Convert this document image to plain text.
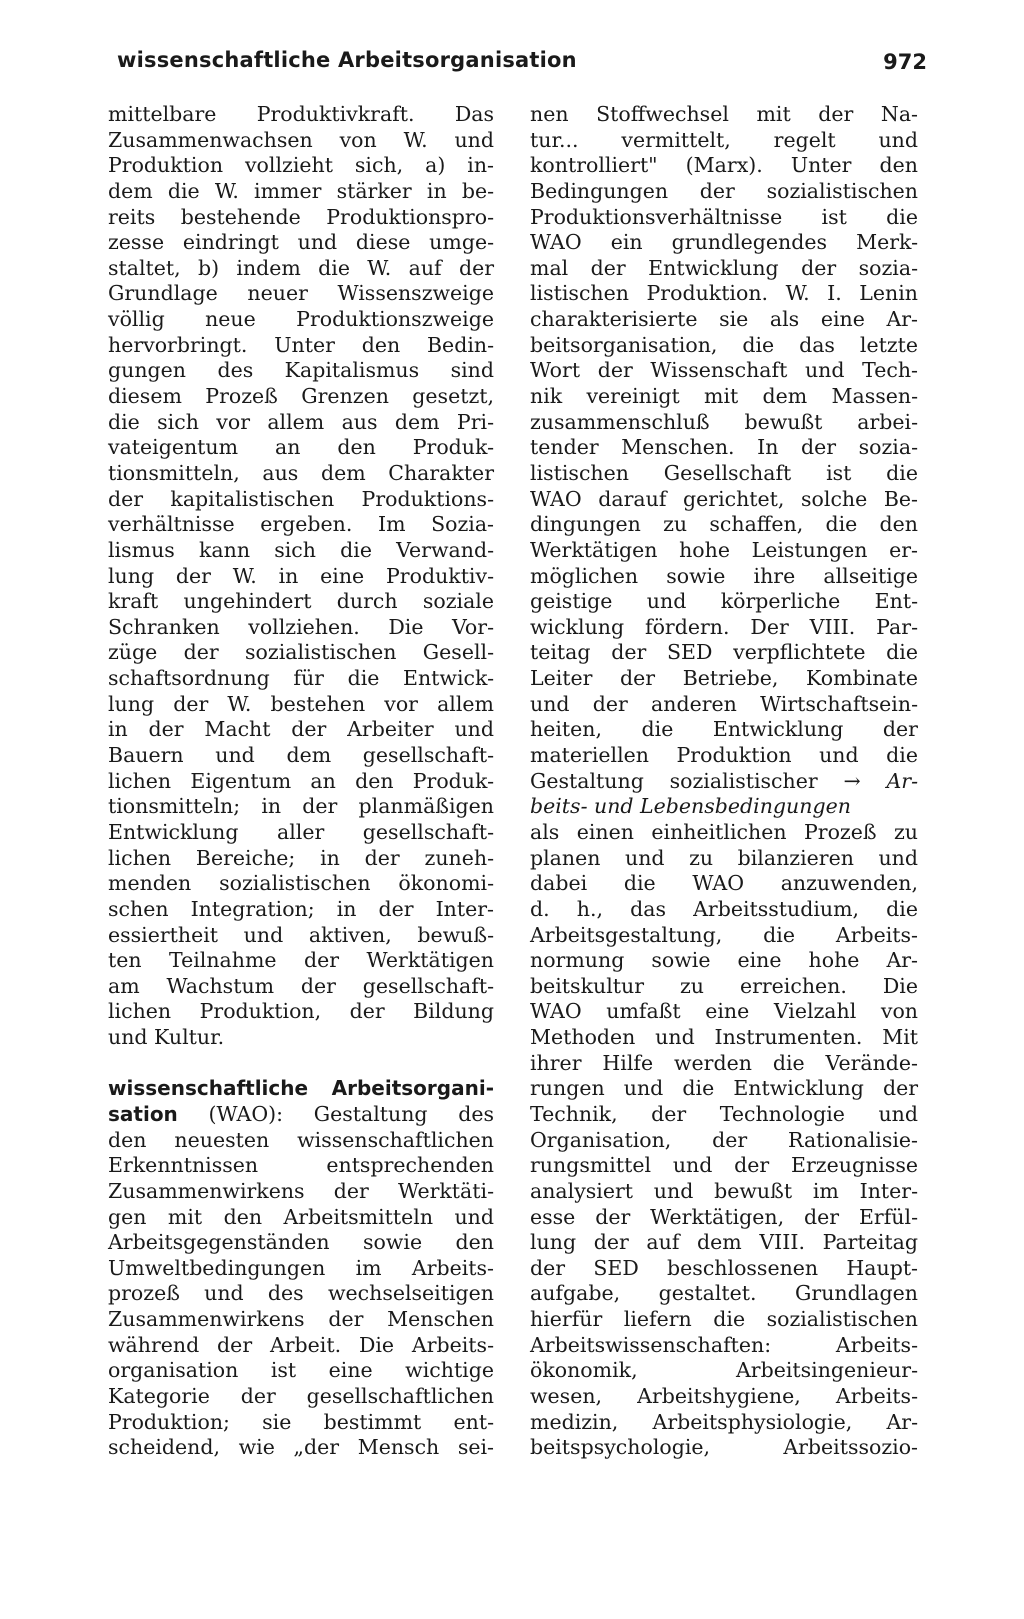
wissenschaftliche Arbeitsorganisation	972
mittelbare Produktivkraft. Das
Zusammenwachsen von W. und
Produktion vollzieht sich, a) in-
dem die W. immer stärker in be-
reits bestehende Produktionspro-
zesse eindringt und diese umge-
staltet, b) indem die W. auf der
Grundlage neuer Wissenszweige
völlig neue Produktionszweige
hervorbringt. Unter den Bedin-
gungen des Kapitalismus sind
diesem Prozeß Grenzen gesetzt,
die sich vor allem aus dem Pri-
vateigentum an den Produk-
tionsmitteln, aus dem Charakter
der kapitalistischen Produktions-
verhältnisse ergeben. Im Sozia-
lismus kann sich die Verwand-
lung der W. in eine Produktiv-
kraft ungehindert durch soziale
Schranken vollziehen. Die Vor-
züge der sozialistischen Gesell-
schaftsordnung für die Entwick-
lung der W. bestehen vor allem
in der Macht der Arbeiter und
Bauern und dem gesellschaft-
lichen Eigentum an den Produk-
tionsmitteln; in der planmäßigen
Entwicklung aller gesellschaft-
lichen Bereiche; in der zuneh-
menden sozialistischen ökonomi-
schen Integration; in der Inter-
essiertheit und aktiven, bewuß-
ten Teilnahme der Werktätigen
am Wachstum der gesellschaft-
lichen Produktion, der Bildung
und Kultur.
wissenschaftliche Arbeitsorgani-
sation (WAO): Gestaltung des
den neuesten wissenschaftlichen
Erkenntnissen entsprechenden
Zusammenwirkens der Werktäti-
gen mit den Arbeitsmitteln und
Arbeitsgegenständen sowie den
Umweltbedingungen im Arbeits-
prozeß und des wechselseitigen
Zusammenwirkens der Menschen
während der Arbeit. Die Arbeits-
organisation ist eine wichtige
Kategorie der gesellschaftlichen
Produktion; sie bestimmt ent-
scheidend, wie „der Mensch sei-
nen Stoffwechsel mit der Na-
tur... vermittelt, regelt und
kontrolliert" (Marx). Unter den
Bedingungen der sozialistischen
Produktionsverhältnisse ist die
WAO ein grundlegendes Merk-
mal der Entwicklung der sozia-
listischen Produktion. W. I. Lenin
charakterisierte sie als eine Ar-
beitsorganisation, die das letzte
Wort der Wissenschaft und Tech-
nik vereinigt mit dem Massen-
zusammenschluß bewußt arbei-
tender Menschen. In der sozia-
listischen Gesellschaft ist die
WAO darauf gerichtet, solche Be-
dingungen zu schaffen, die den
Werktätigen hohe Leistungen er-
möglichen sowie ihre allseitige
geistige und körperliche Ent-
wicklung fördern. Der VIII. Par-
teitag der SED verpflichtete die
Leiter der Betriebe, Kombinate
und der anderen Wirtschaftsein-
heiten, die Entwicklung der
materiellen Produktion und die
Gestaltung sozialistischer → Ar-
beits- und Lebensbedingungen
als einen einheitlichen Prozeß zu
planen und zu bilanzieren und
dabei die WAO anzuwenden,
d. h., das Arbeitsstudium, die
Arbeitsgestaltung, die Arbeits-
normung sowie eine hohe Ar-
beitskultur zu erreichen. Die
WAO umfaßt eine Vielzahl von
Methoden und Instrumenten. Mit
ihrer Hilfe werden die Verände-
rungen und die Entwicklung der
Technik, der Technologie und
Organisation, der Rationalisie-
rungsmittel und der Erzeugnisse
analysiert und bewußt im Inter-
esse der Werktätigen, der Erfül-
lung der auf dem VIII. Parteitag
der SED beschlossenen Haupt-
aufgabe, gestaltet. Grundlagen
hierfür liefern die sozialistischen
Arbeitswissenschaften: Arbeits-
ökonomik, Arbeitsingenieur-
wesen, Arbeitshygiene, Arbeits-
medizin, Arbeitsphysiologie, Ar-
beitspsychologie, Arbeitssozio-
